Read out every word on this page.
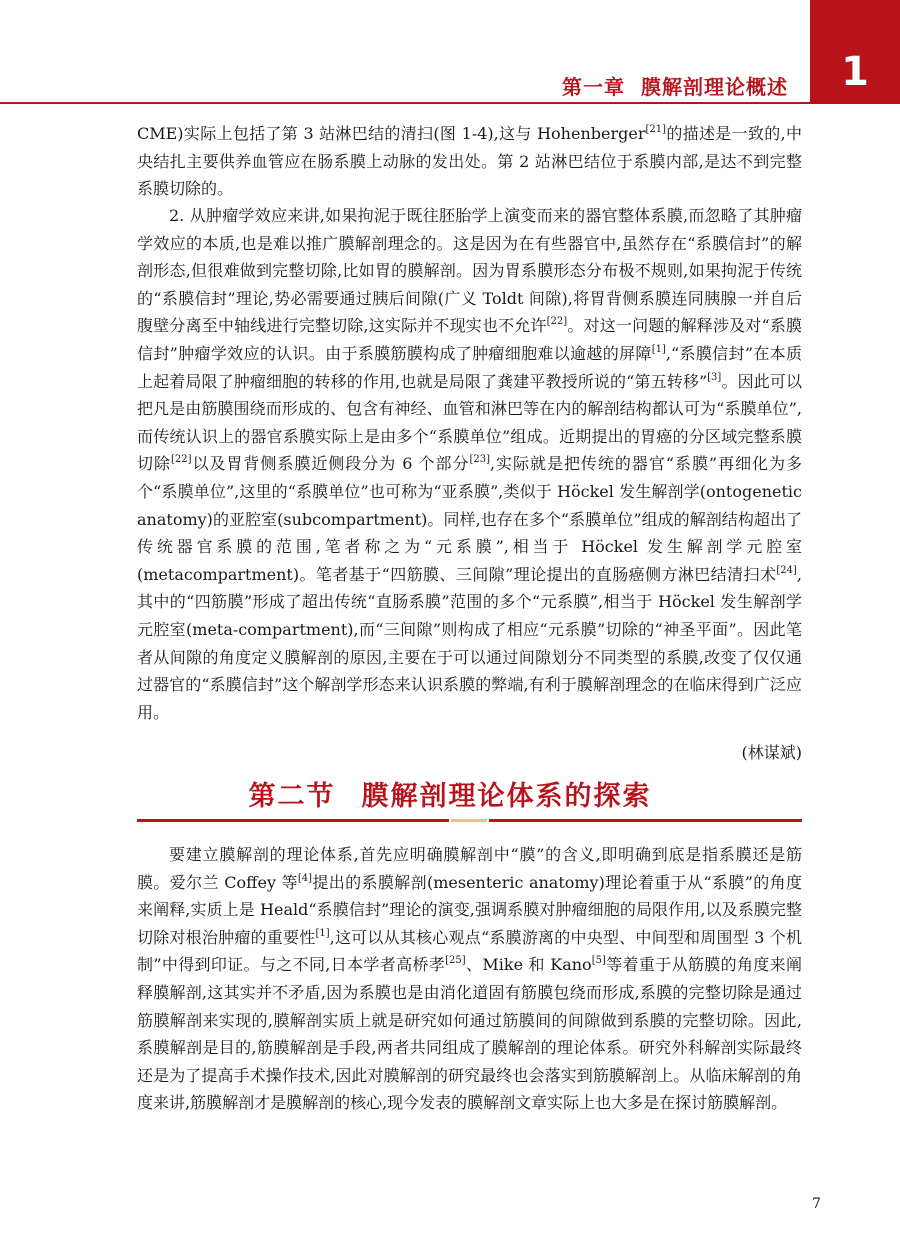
第一章 膜解剖理论概述	1

CME)实际上包括了第 3 站淋巴结的清扫(图 1-4),这与 Hohenberger[21]的描述是一致的,中央结扎主要供养血管应在肠系膜上动脉的发出处。第 2 站淋巴结位于系膜内部,是达不到完整系膜切除的。

2. 从肿瘤学效应来讲,如果拘泥于既往胚胎学上演变而来的器官整体系膜,而忽略了其肿瘤学效应的本质,也是难以推广膜解剖理念的。这是因为在有些器官中,虽然存在“系膜信封”的解剖形态,但很难做到完整切除,比如胃的膜解剖。因为胃系膜形态分布极不规则,如果拘泥于传统的“系膜信封”理论,势必需要通过胰后间隙(广义 Toldt 间隙),将胃背侧系膜连同胰腺一并自后腹壁分离至中轴线进行完整切除,这实际并不现实也不允许[22]。对这一问题的解释涉及对“系膜信封”肿瘤学效应的认识。由于系膜筋膜构成了肿瘤细胞难以逾越的屏障[1],“系膜信封”在本质上起着局限了肿瘤细胞的转移的作用,也就是局限了龚建平教授所说的“第五转移”[3]。因此可以把凡是由筋膜围绕而形成的、包含有神经、血管和淋巴等在内的解剖结构都认可为“系膜单位”,而传统认识上的器官系膜实际上是由多个“系膜单位”组成。近期提出的胃癌的分区域完整系膜切除[22]以及胃背侧系膜近侧段分为 6 个部分[23],实际就是把传统的器官“系膜”再细化为多个“系膜单位”,这里的“系膜单位”也可称为“亚系膜”,类似于 Höckel 发生解剖学(ontogenetic anatomy)的亚腔室(subcompartment)。同样,也存在多个“系膜单位”组成的解剖结构超出了传统器官系膜的范围,笔者称之为“元系膜”,相当于 Höckel 发生解剖学元腔室(metacompartment)。笔者基于“四筋膜、三间隙”理论提出的直肠癌侧方淋巴结清扫术[24],其中的“四筋膜”形成了超出传统“直肠系膜”范围的多个“元系膜”,相当于 Höckel 发生解剖学元腔室(meta-compartment),而“三间隙”则构成了相应“元系膜”切除的“神圣平面”。因此笔者从间隙的角度定义膜解剖的原因,主要在于可以通过间隙划分不同类型的系膜,改变了仅仅通过器官的“系膜信封”这个解剖学形态来认识系膜的弊端,有利于膜解剖理念的在临床得到广泛应用。

(林谋斌)
第二节 膜解剖理论体系的探索

要建立膜解剖的理论体系,首先应明确膜解剖中“膜”的含义,即明确到底是指系膜还是筋膜。爱尔兰 Coffey 等[4]提出的系膜解剖(mesenteric anatomy)理论着重于从“系膜”的角度来阐释,实质上是 Heald“系膜信封”理论的演变,强调系膜对肿瘤细胞的局限作用,以及系膜完整切除对根治肿瘤的重要性[1],这可以从其核心观点“系膜游离的中央型、中间型和周围型 3 个机制”中得到印证。与之不同,日本学者高桥孝[25]、Mike 和 Kano[5]等着重于从筋膜的角度来阐释膜解剖,这其实并不矛盾,因为系膜也是由消化道固有筋膜包绕而形成,系膜的完整切除是通过筋膜解剖来实现的,膜解剖实质上就是研究如何通过筋膜间的间隙做到系膜的完整切除。因此,系膜解剖是目的,筋膜解剖是手段,两者共同组成了膜解剖的理论体系。研究外科解剖实际最终还是为了提高手术操作技术,因此对膜解剖的研究最终也会落实到筋膜解剖上。从临床解剖的角度来讲,筋膜解剖才是膜解剖的核心,现今发表的膜解剖文章实际上也大多是在探讨筋膜解剖。

7
